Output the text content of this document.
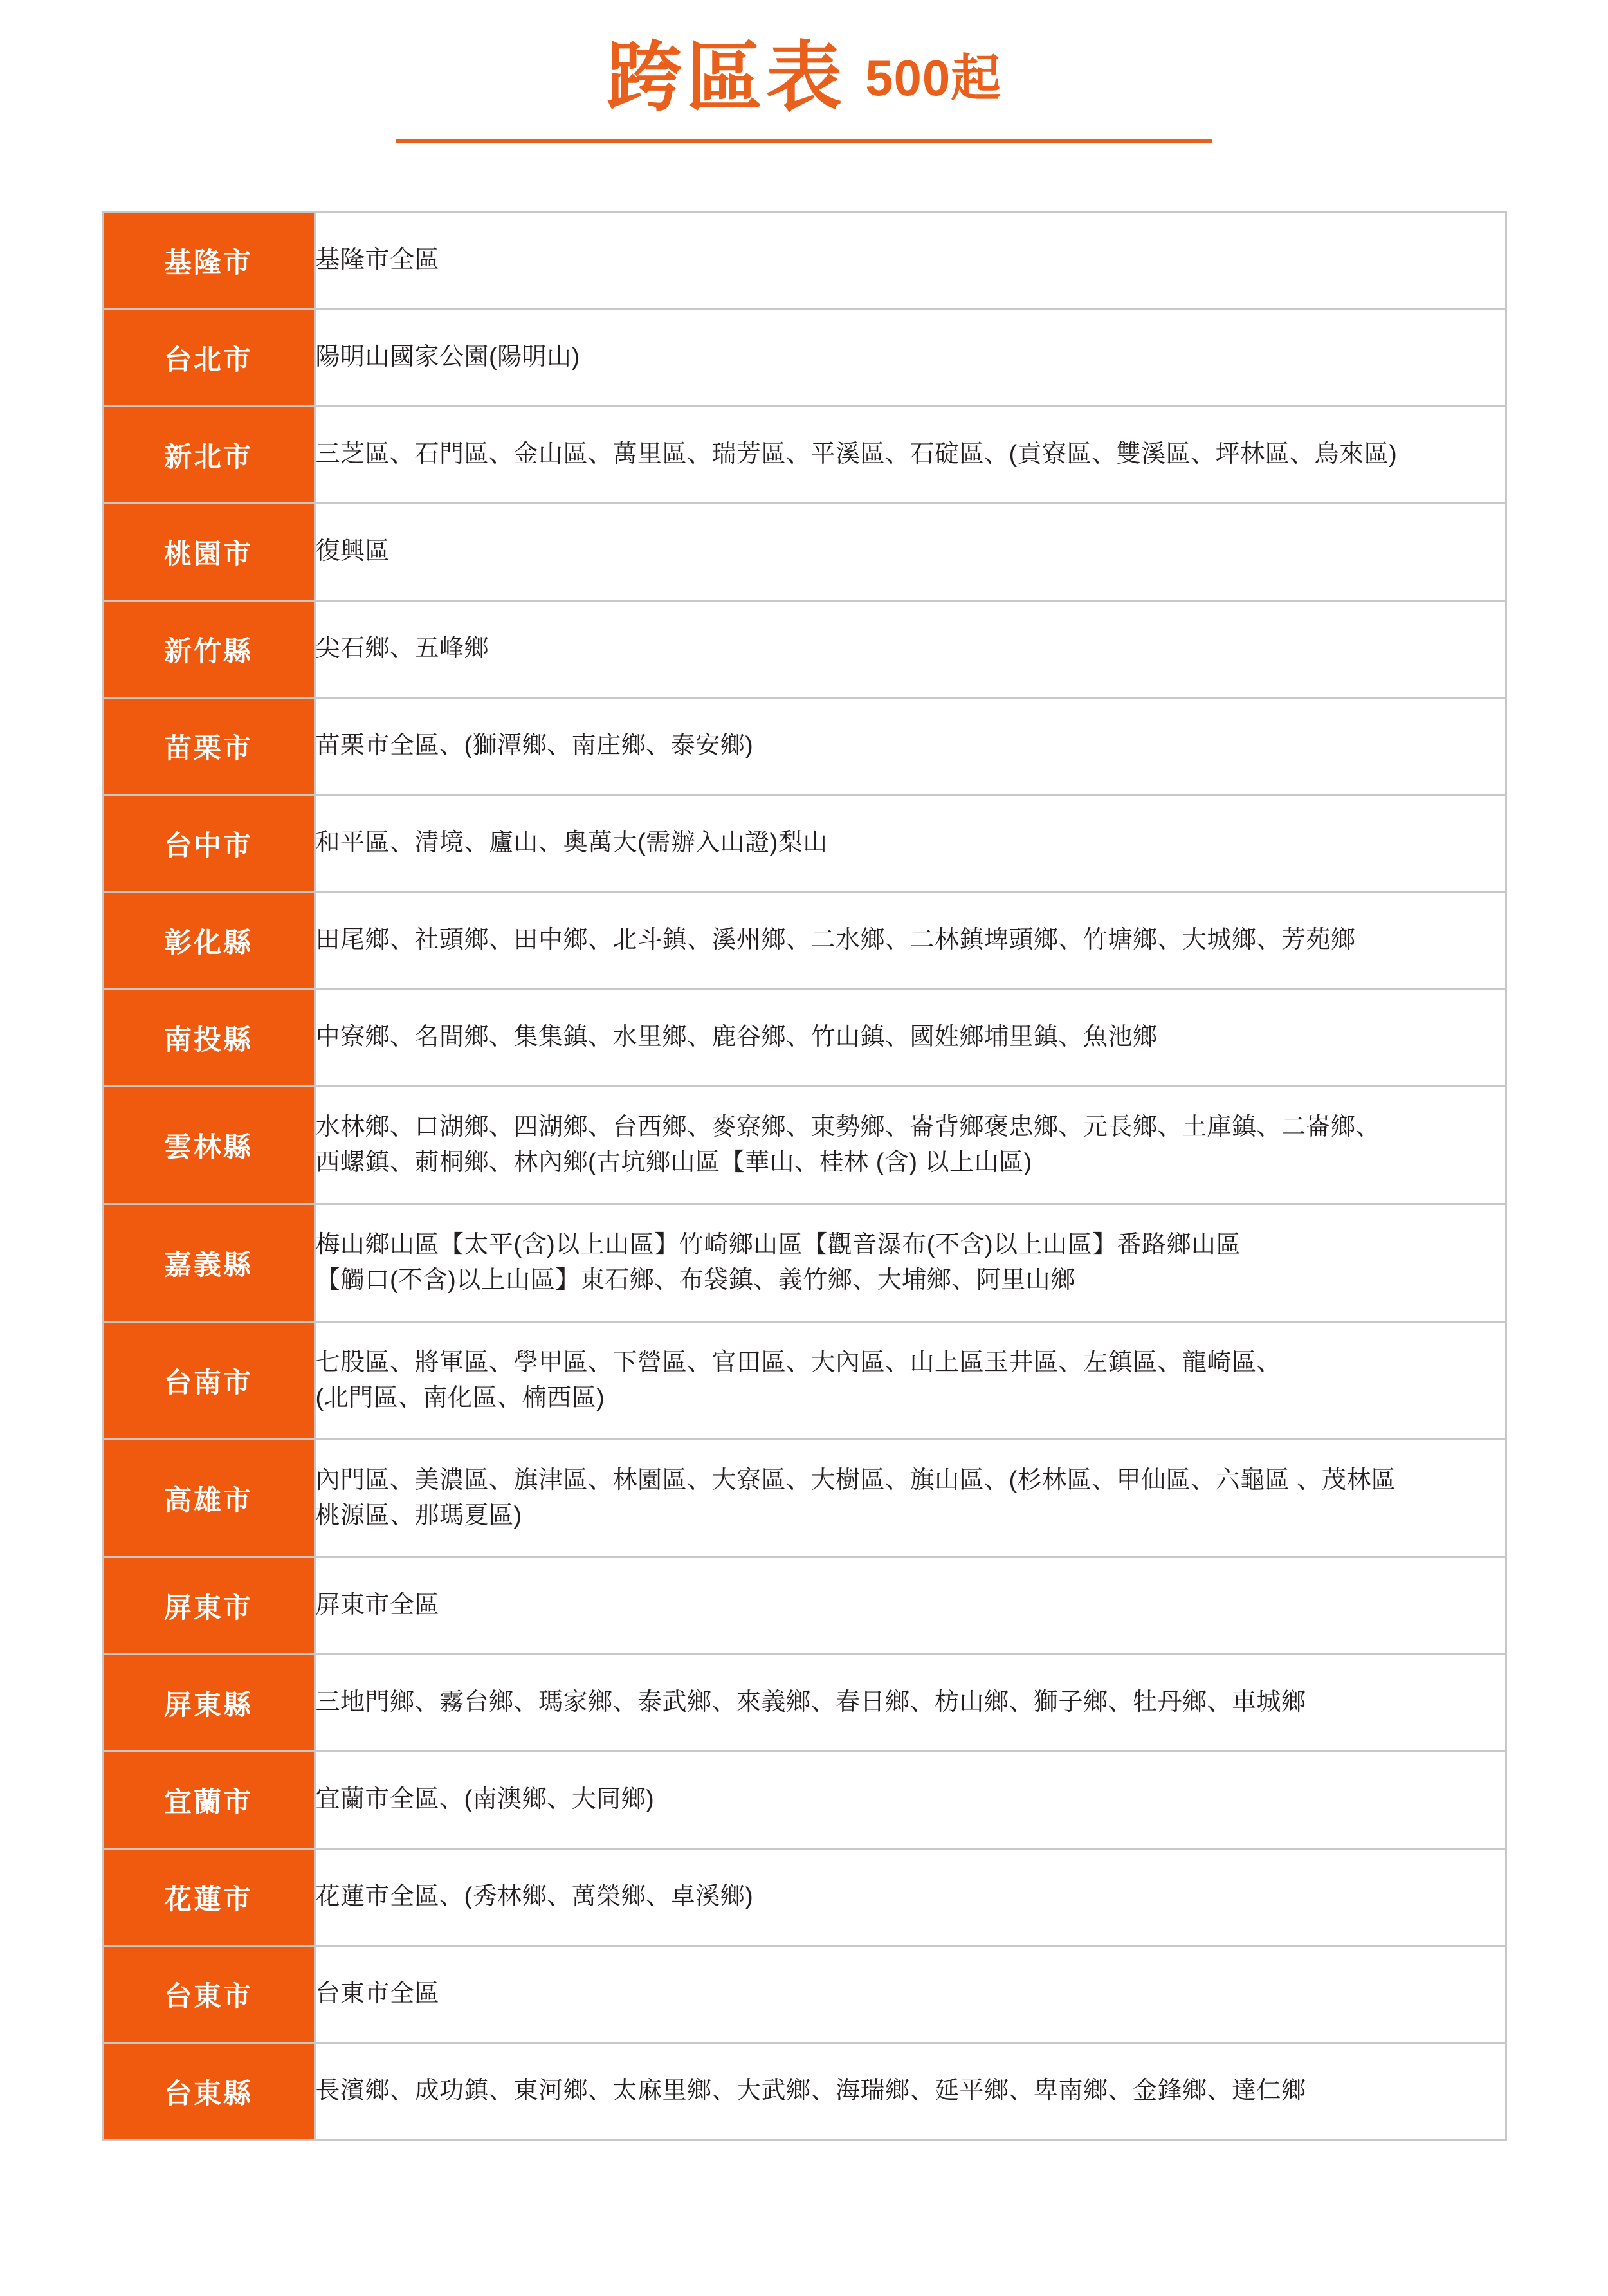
跨區表 500起
基隆市	基隆市全區

台北市	陽明山國家公園(陽明山)

新北市	三芝區、石門區、金山區、萬里區、瑞芳區、平溪區、石碇區、(貢寮區、雙溪區、坪林區、烏來區)

桃園市	復興區

新竹縣	尖石鄉、五峰鄉

苗栗市	苗栗市全區、(獅潭鄉、南庄鄉、泰安鄉)

台中市	和平區、清境、廬山、奧萬大(需辦入山證)梨山

彰化縣	田尾鄉、社頭鄉、田中鄉、北斗鎮、溪州鄉、二水鄉、二林鎮埤頭鄉、竹塘鄉、大城鄉、芳苑鄉

南投縣	中寮鄉、名間鄉、集集鎮、水里鄉、鹿谷鄉、竹山鎮、國姓鄉埔里鎮、魚池鄉

雲林縣	水林鄉、口湖鄉、四湖鄉、台西鄉、麥寮鄉、東勢鄉、崙背鄉褒忠鄉、元長鄉、土庫鎮、二崙鄉、
西螺鎮、莿桐鄉、林內鄉(古坑鄉山區【華山、桂林 (含) 以上山區)

嘉義縣	梅山鄉山區【太平(含)以上山區】竹崎鄉山區【觀音瀑布(不含)以上山區】番路鄉山區
【觸口(不含)以上山區】東石鄉、布袋鎮、義竹鄉、大埔鄉、阿里山鄉

台南市	七股區、將軍區、學甲區、下營區、官田區、大內區、山上區玉井區、左鎮區、龍崎區、
(北門區、南化區、楠西區)

高雄市	內門區、美濃區、旗津區、林園區、大寮區、大樹區、旗山區、(杉林區、甲仙區、六龜區 、茂林區
桃源區、那瑪夏區)

屏東市	屏東市全區

屏東縣	三地門鄉、霧台鄉、瑪家鄉、泰武鄉、來義鄉、春日鄉、枋山鄉、獅子鄉、牡丹鄉、車城鄉

宜蘭市	宜蘭市全區、(南澳鄉、大同鄉)

花蓮市	花蓮市全區、(秀林鄉、萬榮鄉、卓溪鄉)

台東市	台東市全區

台東縣	長濱鄉、成功鎮、東河鄉、太麻里鄉、大武鄉、海瑞鄉、延平鄉、卑南鄉、金鋒鄉、達仁鄉
